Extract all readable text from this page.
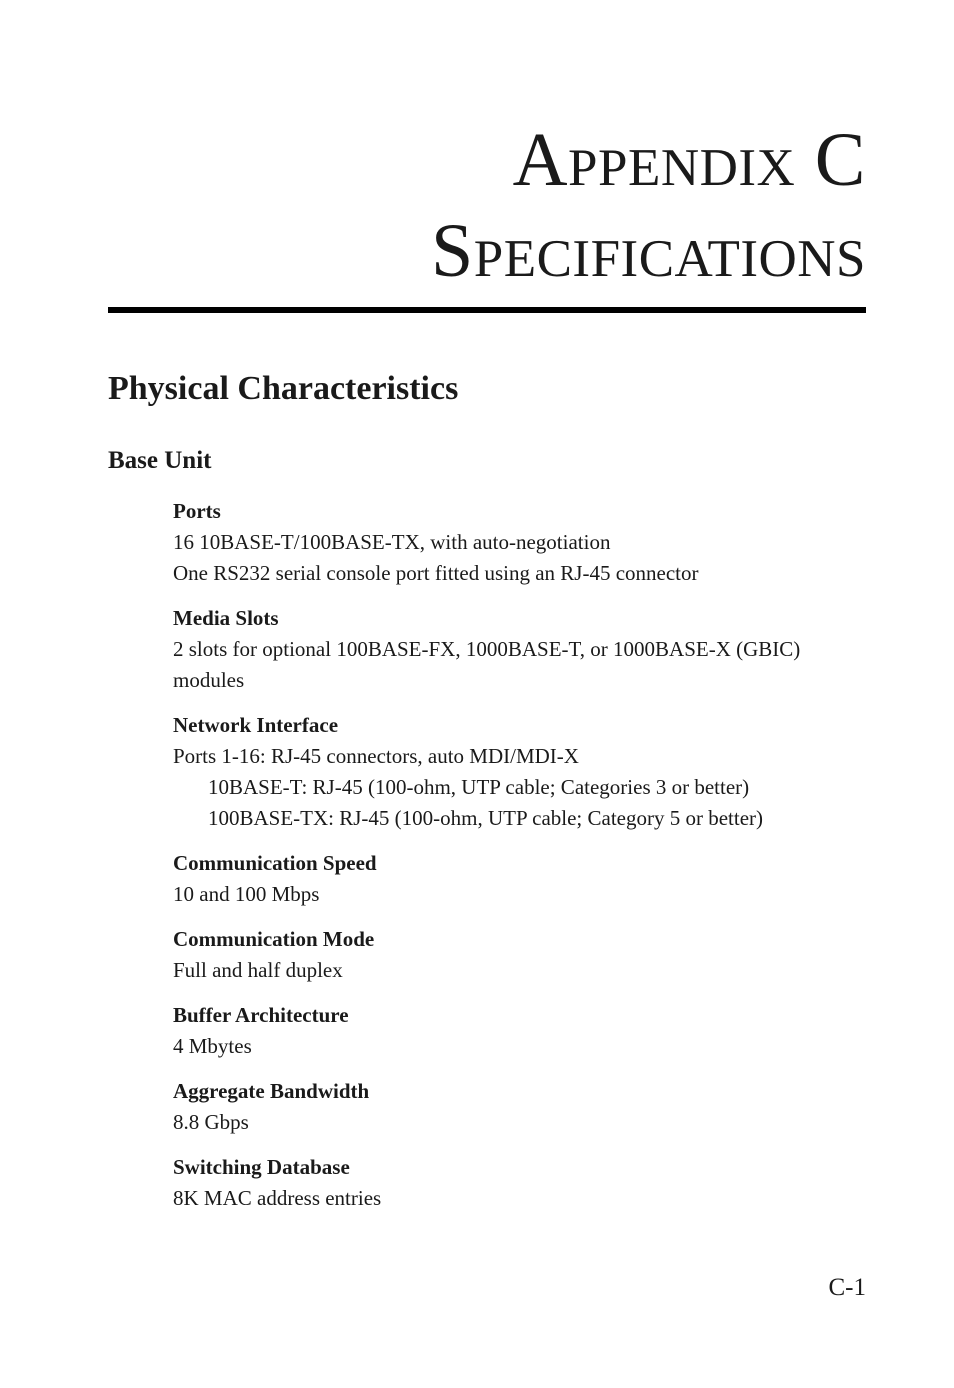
Appendix C
Specifications
Physical Characteristics
Base Unit
Ports
16 10BASE-T/100BASE-TX, with auto-negotiation
One RS232 serial console port fitted using an RJ-45 connector
Media Slots
2 slots for optional 100BASE-FX, 1000BASE-T, or 1000BASE-X (GBIC)
modules
Network Interface
Ports 1-16: RJ-45 connectors, auto MDI/MDI-X
10BASE-T: RJ-45 (100-ohm, UTP cable; Categories 3 or better)
100BASE-TX: RJ-45 (100-ohm, UTP cable; Category 5 or better)
Communication Speed
10 and 100 Mbps
Communication Mode
Full and half duplex
Buffer Architecture
4 Mbytes
Aggregate Bandwidth
8.8 Gbps
Switching Database
8K MAC address entries
C-1
